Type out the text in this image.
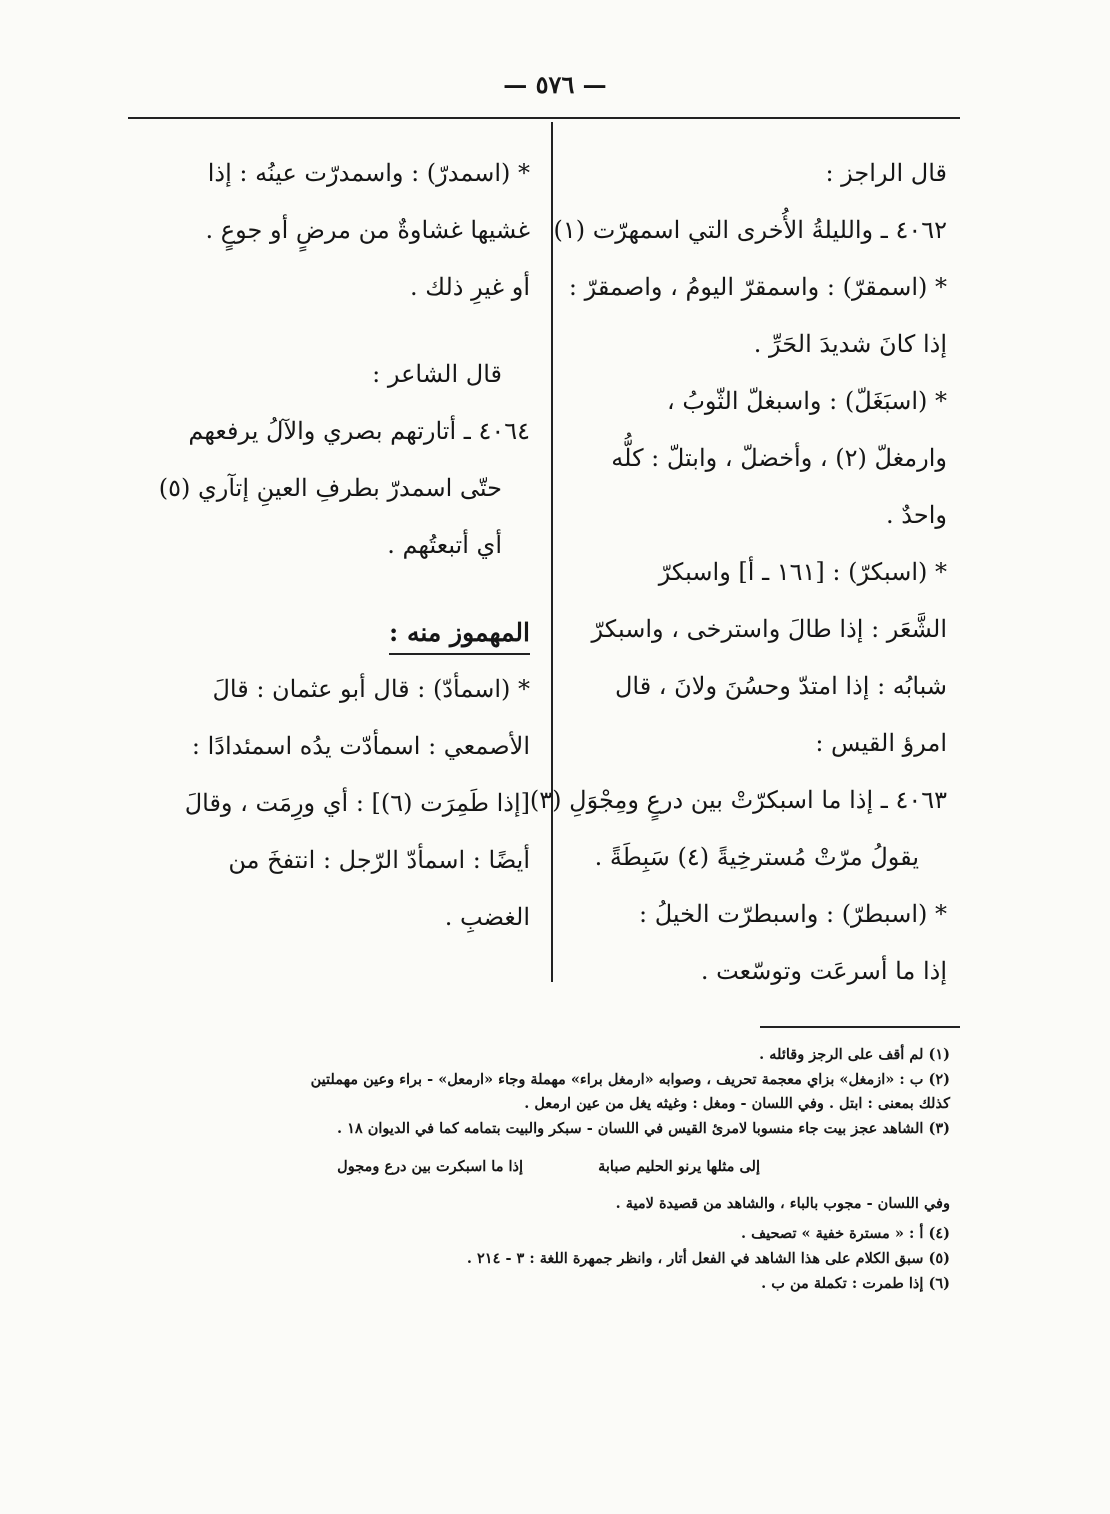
— ٥٧٦ —
قال الراجز :
٤٠٦٢ ـ والليلةُ الأُخرى التي اسمهرّت (١)
* (اسمقرّ) : واسمقرّ اليومُ ، واصمقرّ :
إذا كانَ شديدَ الحَرِّ .
* (اسبَغَلّ) : واسبغلّ الثّوبُ ،
وارمغلّ (٢) ، وأخضلّ ، وابتلّ : كلُّه
واحدٌ .
* (اسبكرّ) : [١٦١ ـ أ] واسبكرّ
الشَّعَر : إذا طالَ واسترخى ، واسبكرّ
شبابُه : إذا امتدّ وحسُنَ ولانَ ، قال
امرؤ القيس :
٤٠٦٣ ـ إذا ما اسبكرّتْ بين درعٍ ومِجْوَلِ (٣)
يقولُ مرّتْ مُسترخِيةً (٤) سَبِطَةً .
* (اسبطرّ) : واسبطرّت الخيلُ :
إذا ما أسرعَت وتوسّعت .
* (اسمدرّ) : واسمدرّت عينُه : إذا
غشيها غشاوةٌ من مرضٍ أو جوعٍ .
أو غيرِ ذلك .
قال الشاعر :
٤٠٦٤ ـ أتارتهم بصري والآلُ يرفعهم
حتّى اسمدرّ بطرفِ العينِ إتآري (٥)
أي أتبعتُهم .
المهموز منه :
* (اسمأدّ) : قال أبو عثمان : قالَ
الأصمعي : اسمأدّت يدُه اسمئدادًا :
[إذا طَمِرَت (٦)] : أي ورِمَت ، وقالَ
أيضًا : اسمأدّ الرّجل : انتفخَ من
الغضبِ .
(١) لم أقف على الرجز وقائله .
(٢) ب : «ازمغل» بزاي معجمة تحريف ، وصوابه «ارمغل براء» مهملة وجاء «ارمعل» - براء وعين مهملتين
كذلك بمعنى : ابتل . وفي اللسان - ومغل : وغيثه يغل من عين ارمعل .
(٣) الشاهد عجز بيت جاء منسوبا لامرئ القيس في اللسان - سبكر والبيت بتمامه كما في الديوان ١٨ .
إلى مثلها يرنو الحليم صبابة إذا ما اسبكرت بين درع ومجول
وفي اللسان - مجوب بالباء ، والشاهد من قصيدة لامية .
(٤) أ : « مسترة خفية » تصحيف .
(٥) سبق الكلام على هذا الشاهد في الفعل أتار ، وانظر جمهرة اللغة : ٣ - ٢١٤ .
(٦) إذا طمرت : تكملة من ب .
